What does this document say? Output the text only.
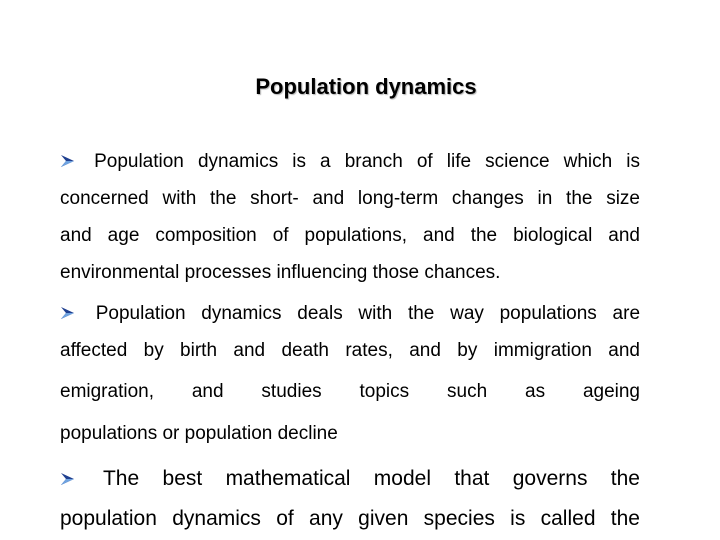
Population dynamics
Population dynamics is a branch of life science which is
concerned with the short- and long-term changes in the size
and age composition of populations, and the biological and
environmental processes influencing those chances.
Population dynamics deals with the way populations are
affected by birth and death rates, and by immigration and
emigration, and studies topics such as ageing
populations or population decline
The best mathematical model that governs the
population dynamics of any given species is called the
